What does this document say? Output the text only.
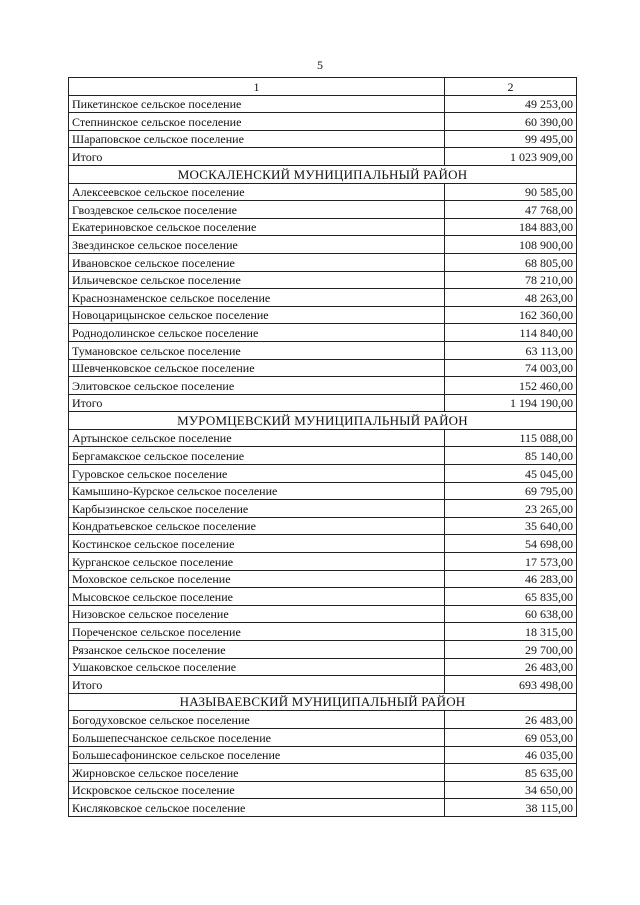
5
1	2
Пикетинское сельское поселение	49 253,00
Степнинское сельское поселение	60 390,00
Шараповское сельское поселение	99 495,00
Итого	1 023 909,00
МОСКАЛЕНСКИЙ МУНИЦИПАЛЬНЫЙ РАЙОН	
Алексеевское сельское поселение	90 585,00
Гвоздевское сельское поселение	47 768,00
Екатериновское сельское поселение	184 883,00
Звездинское сельское поселение	108 900,00
Ивановское сельское поселение	68 805,00
Ильичевское сельское поселение	78 210,00
Краснознаменское сельское поселение	48 263,00
Новоцарицынское сельское поселение	162 360,00
Роднодолинское сельское поселение	114 840,00
Тумановское сельское поселение	63 113,00
Шевченковское сельское поселение	74 003,00
Элитовское сельское поселение	152 460,00
Итого	1 194 190,00
МУРОМЦЕВСКИЙ МУНИЦИПАЛЬНЫЙ РАЙОН	
Артынское сельское поселение	115 088,00
Бергамакское сельское поселение	85 140,00
Гуровское сельское поселение	45 045,00
Камышино-Курское сельское поселение	69 795,00
Карбызинское сельское поселение	23 265,00
Кондратьевское сельское поселение	35 640,00
Костинское сельское поселение	54 698,00
Курганское сельское поселение	17 573,00
Моховское сельское поселение	46 283,00
Мысовское сельское поселение	65 835,00
Низовское сельское поселение	60 638,00
Пореченское сельское поселение	18 315,00
Рязанское сельское поселение	29 700,00
Ушаковское сельское поселение	26 483,00
Итого	693 498,00
НАЗЫВАЕВСКИЙ МУНИЦИПАЛЬНЫЙ РАЙОН	
Богодуховское сельское поселение	26 483,00
Большепесчанское сельское поселение	69 053,00
Большесафонинское сельское поселение	46 035,00
Жирновское сельское поселение	85 635,00
Искровское сельское поселение	34 650,00
Кисляковское сельское поселение	38 115,00
